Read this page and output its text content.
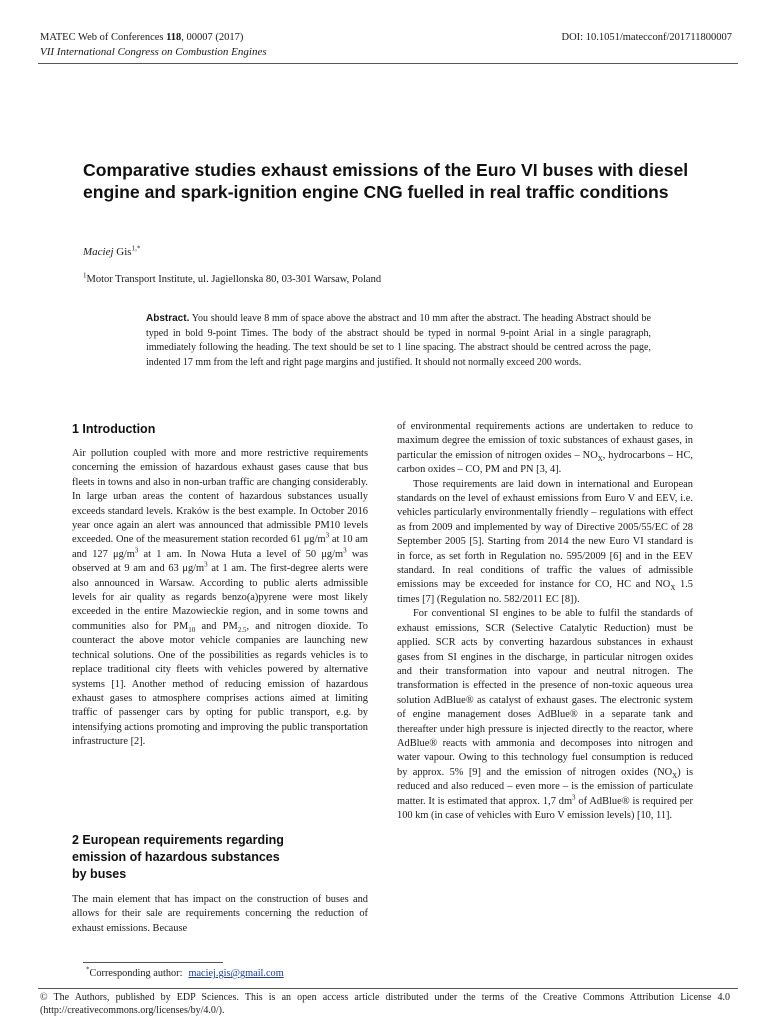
MATEC Web of Conferences 118, 00007 (2017)	DOI: 10.1051/matecconf/201711800007
VII International Congress on Combustion Engines
Comparative studies exhaust emissions of the Euro VI buses with diesel engine and spark-ignition engine CNG fuelled in real traffic conditions
Maciej Gis$^{1,*}$
$^1$Motor Transport Institute, ul. Jagiellonska 80, 03-301 Warsaw, Poland
Abstract. You should leave 8 mm of space above the abstract and 10 mm after the abstract. The heading Abstract should be typed in bold 9-point Times. The body of the abstract should be typed in normal 9-point Arial in a single paragraph, immediately following the heading. The text should be set to 1 line spacing. The abstract should be centred across the page, indented 17 mm from the left and right page margins and justified. It should not normally exceed 200 words.
1 Introduction

Air pollution coupled with more and more restrictive requirements concerning the emission of hazardous exhaust gases cause that bus fleets in towns and also in non-urban traffic are changing considerably. In large urban areas the content of hazardous substances usually exceeds standard levels. Kraków is the best example. In October 2016 year once again an alert was announced that admissible PM10 levels exceeded. One of the measurement station recorded 61 $\mu g/m^3$ at 10 am and 127 $\mu g/m^3$ at 1 am. In Nowa Huta a level of 50 $\mu g/m^3$ was observed at 9 am and 63 $\mu g/m^3$ at 1 am. The first-degree alerts were also announced in Warsaw. According to public alerts admissible levels for air quality as regards benzo(a)pyrene were most likely exceeded in the entire Mazowieckie region, and in some towns and communities also for $PM_{10}$ and $PM_{2.5}$, and nitrogen dioxide. To counteract the above motor vehicle companies are launching new technical solutions. One of the possibilities as regards vehicles is to replace traditional city fleets with vehicles powered by alternative systems [1]. Another method of reducing emission of hazardous exhaust gases to atmosphere comprises actions aimed at limiting traffic of passenger cars by opting for public transport, e.g. by intensifying actions promoting and improving the public transportation infrastructure [2].

2 European requirements regarding
emission of hazardous substances
by buses

The main element that has impact on the construction of buses and allows for their sale are requirements concerning the reduction of exhaust emissions. Because

of environmental requirements actions are undertaken to reduce to maximum degree the emission of toxic substances of exhaust gases, in particular the emission of nitrogen oxides – $NO_X$, hydrocarbons – HC, carbon oxides – CO, PM and PN [3, 4].

Those requirements are laid down in international and European standards on the level of exhaust emissions from Euro V and EEV, i.e. vehicles particularly environmentally friendly – regulations with effect as from 2009 and implemented by way of Directive 2005/55/EC of 28 September 2005 [5]. Starting from 2014 the new Euro VI standard is in force, as set forth in Regulation no. 595/2009 [6] and in the EEV standard. In real conditions of traffic the values of admissible emissions may be exceeded for instance for CO, HC and $NO_X$ 1.5 times [7] (Regulation no. 582/2011 EC [8]).

For conventional SI engines to be able to fulfil the standards of exhaust emissions, SCR (Selective Catalytic Reduction) must be applied. SCR acts by converting hazardous substances in exhaust gases from SI engines in the discharge, in particular nitrogen oxides and their transformation into vapour and neutral nitrogen. The transformation is effected in the presence of non-toxic aqueous urea solution AdBlue® as catalyst of exhaust gases. The electronic system of engine management doses AdBlue® in a separate tank and thereafter under high pressure is injected directly to the reactor, where AdBlue® reacts with ammonia and decomposes into nitrogen and water vapour. Owing to this technology fuel consumption is reduced by approx. 5% [9] and the emission of nitrogen oxides $(NO_X)$ is reduced and also reduced – even more – is the emission of particulate matter. It is estimated that approx. 1,7 $dm^3$ of AdBlue® is required per 100 km (in case of vehicles with Euro V emission levels) [10, 11].

*Corresponding author: maciej.gis@gmail.com
© The Authors, published by EDP Sciences. This is an open access article distributed under the terms of the Creative Commons Attribution License 4.0 (http://creativecommons.org/licenses/by/4.0/).
